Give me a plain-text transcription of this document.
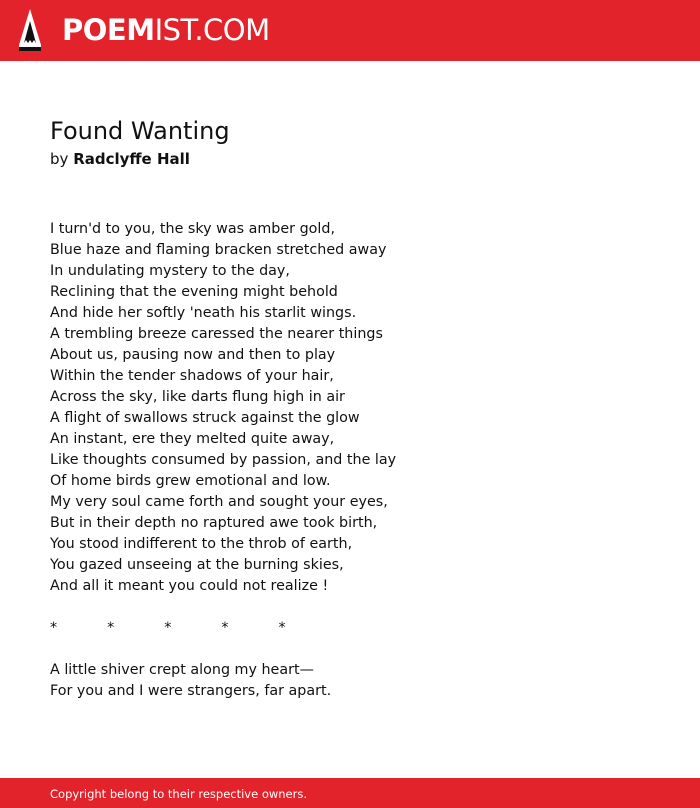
POEMIST.COM
Found Wanting
by Radclyffe Hall
I turn'd to you, the sky was amber gold,
Blue haze and flaming bracken stretched away
In undulating mystery to the day,
Reclining that the evening might behold
And hide her softly 'neath his starlit wings.
A trembling breeze caressed the nearer things
About us, pausing now and then to play
Within the tender shadows of your hair,
Across the sky, like darts flung high in air
A flight of swallows struck against the glow
An instant, ere they melted quite away,
Like thoughts consumed by passion, and the lay
Of home birds grew emotional and low.
My very soul came forth and sought your eyes,
But in their depth no raptured awe took birth,
You stood indifferent to the throb of earth,
You gazed unseeing at the burning skies,
And all it meant you could not realize !
*           *           *           *           *
A little shiver crept along my heart—
For you and I were strangers, far apart.
Copyright belong to their respective owners.
